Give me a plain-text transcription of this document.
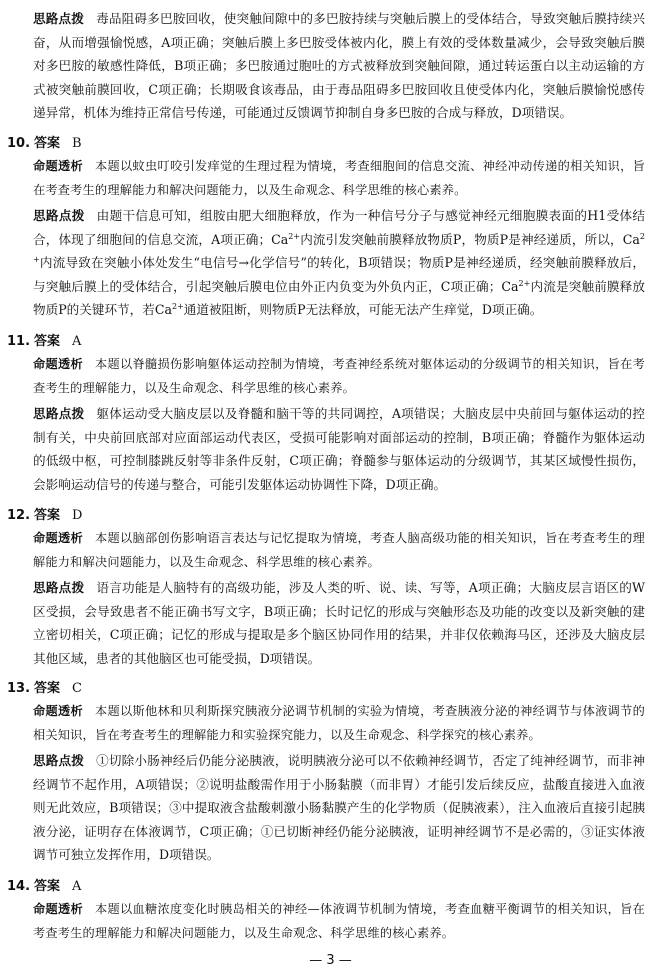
思路点拨 毒品阻碍多巴胺回收，使突触间隙中的多巴胺持续与突触后膜上的受体结合，导致突触后膜持续兴奋，从而增强愉悦感，A项正确；突触后膜上多巴胺受体被内化，膜上有效的受体数量减少，会导致突触后膜对多巴胺的敏感性降低，B项正确；多巴胺通过胞吐的方式被释放到突触间隙，通过转运蛋白以主动运输的方式被突触前膜回收，C项正确；长期吸食该毒品，由于毒品阻碍多巴胺回收且使受体内化，突触后膜愉悦感传递异常，机体为维持正常信号传递，可能通过反馈调节抑制自身多巴胺的合成与释放，D项错误。

10. 答案 B

命题透析 本题以蚊虫叮咬引发痒觉的生理过程为情境，考查细胞间的信息交流、神经冲动传递的相关知识，旨在考查考生的理解能力和解决问题能力，以及生命观念、科学思维的核心素养。

思路点拨 由题干信息可知，组胺由肥大细胞释放，作为一种信号分子与感觉神经元细胞膜表面的H1受体结合，体现了细胞间的信息交流，A项正确；$Ca^{2+}$内流引发突触前膜释放物质P，物质P是神经递质，所以，$Ca^{2+}$内流导致在突触小体处发生“电信号→化学信号”的转化，B项错误；物质P是神经递质，经突触前膜释放后，与突触后膜上的受体结合，引起突触后膜电位由外正内负变为外负内正，C项正确；$Ca^{2+}$内流是突触前膜释放物质P的关键环节，若$Ca^{2+}$通道被阻断，则物质P无法释放，可能无法产生痒觉，D项正确。

11. 答案 A

命题透析 本题以脊髓损伤影响躯体运动控制为情境，考查神经系统对躯体运动的分级调节的相关知识，旨在考查考生的理解能力，以及生命观念、科学思维的核心素养。

思路点拨 躯体运动受大脑皮层以及脊髓和脑干等的共同调控，A项错误；大脑皮层中央前回与躯体运动的控制有关，中央前回底部对应面部运动代表区，受损可能影响对面部运动的控制，B项正确；脊髓作为躯体运动的低级中枢，可控制膝跳反射等非条件反射，C项正确；脊髓参与躯体运动的分级调节，其某区域慢性损伤，会影响运动信号的传递与整合，可能引发躯体运动协调性下降，D项正确。

12. 答案 D

命题透析 本题以脑部创伤影响语言表达与记忆提取为情境，考查人脑高级功能的相关知识，旨在考查考生的理解能力和解决问题能力，以及生命观念、科学思维的核心素养。

思路点拨 语言功能是人脑特有的高级功能，涉及人类的听、说、读、写等，A项正确；大脑皮层言语区的W区受损，会导致患者不能正确书写文字，B项正确；长时记忆的形成与突触形态及功能的改变以及新突触的建立密切相关，C项正确；记忆的形成与提取是多个脑区协同作用的结果，并非仅依赖海马区，还涉及大脑皮层其他区域，患者的其他脑区也可能受损，D项错误。

13. 答案 C

命题透析 本题以斯他林和贝利斯探究胰液分泌调节机制的实验为情境，考查胰液分泌的神经调节与体液调节的相关知识，旨在考查考生的理解能力和实验探究能力，以及生命观念、科学探究的核心素养。

思路点拨 ①切除小肠神经后仍能分泌胰液，说明胰液分泌可以不依赖神经调节，否定了纯神经调节，而非神经调节不起作用，A项错误；②说明盐酸需作用于小肠黏膜（而非胃）才能引发后续反应，盐酸直接进入血液则无此效应，B项错误；③中提取液含盐酸刺激小肠黏膜产生的化学物质（促胰液素），注入血液后直接引起胰液分泌，证明存在体液调节，C项正确；①已切断神经仍能分泌胰液，证明神经调节不是必需的，③证实体液调节可独立发挥作用，D项错误。

14. 答案 A

命题透析 本题以血糖浓度变化时胰岛相关的神经—体液调节机制为情境，考查血糖平衡调节的相关知识，旨在考查考生的理解能力和解决问题能力，以及生命观念、科学思维的核心素养。

— 3 —
